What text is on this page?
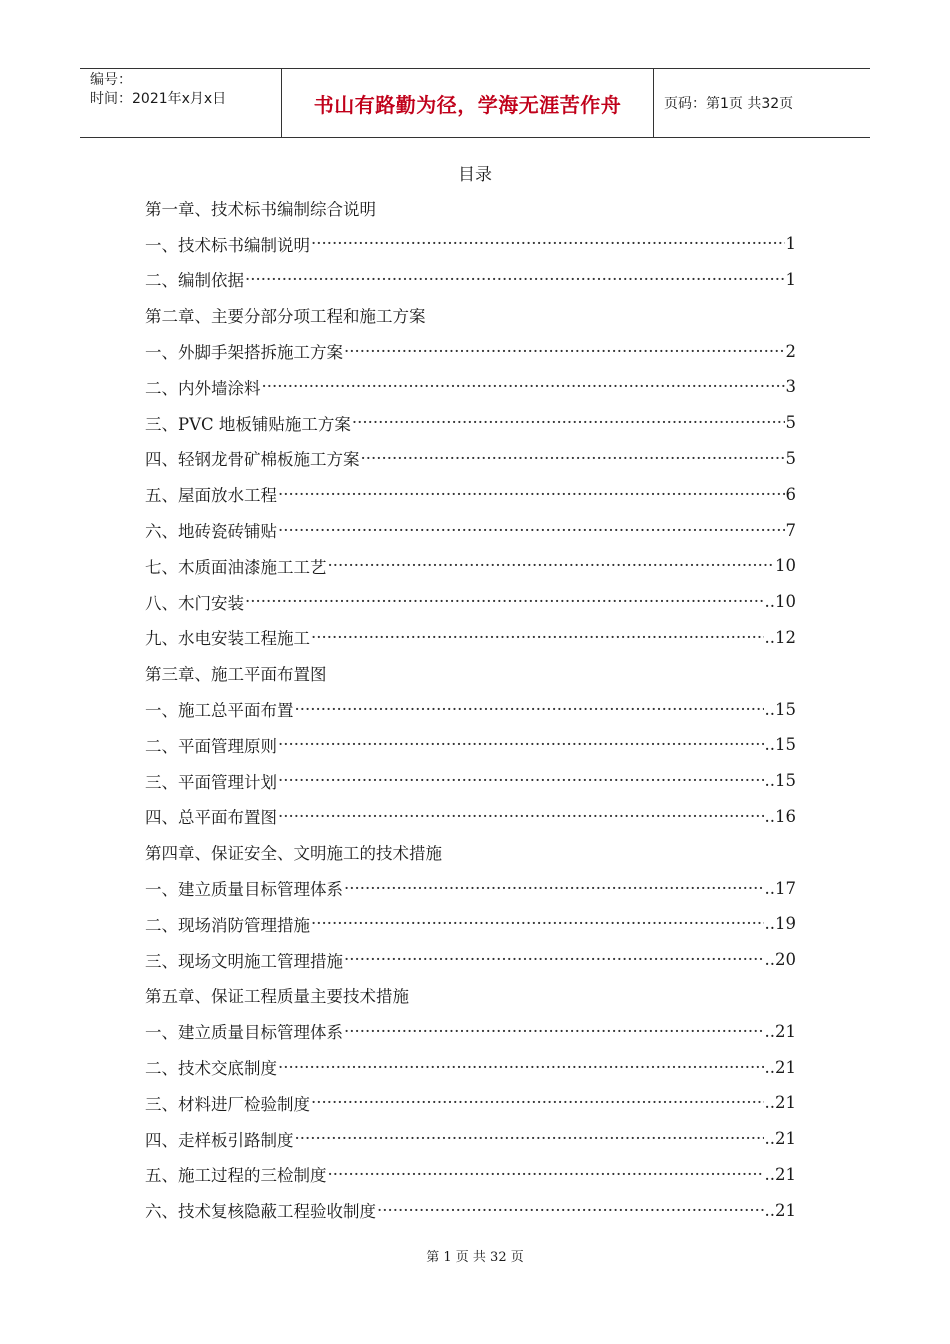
编号：
时间：2021年x月x日	书山有路勤为径，学海无涯苦作舟	页码：第1页 共32页
目录
第一章、技术标书编制综合说明
一、技术标书编制说明 ·····	1
二、编制依据 ·····	1
第二章、主要分部分项工程和施工方案
一、外脚手架搭拆施工方案 ·····	2
二、内外墙涂料 ·····	3
三、PVC 地板铺贴施工方案 ·····	5
四、轻钢龙骨矿棉板施工方案 ·····	5
五、屋面放水工程 ·····	6
六、地砖瓷砖铺贴 ·····	7
七、木质面油漆施工工艺 ·····	10
八、木门安装 ·····	..10
九、水电安装工程施工 ·····	..12
第三章、施工平面布置图
一、施工总平面布置 ·····	..15
二、平面管理原则 ·····	..15
三、平面管理计划 ·····	..15
四、总平面布置图 ·····	..16
第四章、保证安全、文明施工的技术措施
一、建立质量目标管理体系 ·····	..17
二、现场消防管理措施 ·····	..19
三、现场文明施工管理措施 ·····	..20
第五章、保证工程质量主要技术措施
一、建立质量目标管理体系 ·····	..21
二、技术交底制度 ·····	..21
三、材料进厂检验制度 ·····	..21
四、走样板引路制度 ·····	..21
五、施工过程的三检制度 ·····	..21
六、技术复核隐蔽工程验收制度 ·····	..21
第 1 页 共 32 页
